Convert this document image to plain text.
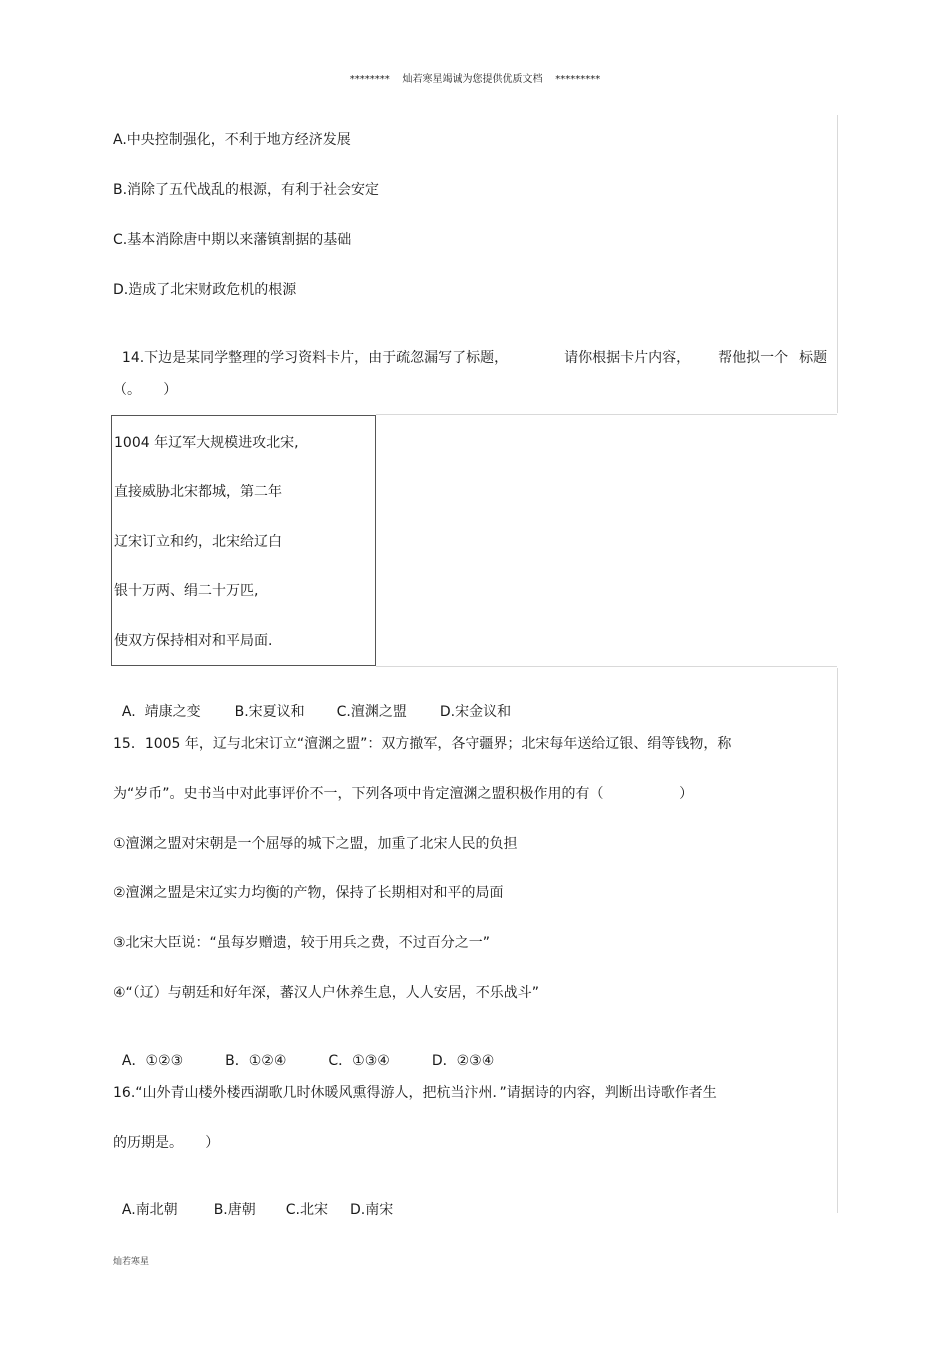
********    灿若寒星竭诚为您提供优质文档    *********
A.中央控制强化，不利于地方经济发展
B.消除了五代战乱的根源，有利于社会安定
C.基本消除唐中期以来藩镇割据的基础
D.造成了北宋财政危机的根源

14.下边是某同学整理的学习资料卡片，由于疏忽漏写了标题，	请你根据卡片内容， 帮他拟一个 标题

（。     ）
1004 年辽军大规模进攻北宋,
直接威胁北宋都城，第二年
辽宋订立和约，北宋给辽白
银十万两、绢二十万匹,
使双方保持相对和平局面.

A.  靖康之变 B.宋夏议和 C.澶渊之盟 D.宋金议和

15．1005 年，辽与北宋订立“澶渊之盟”：双方撤军，各守疆界；北宋每年送给辽银、绢等钱物，称
为“岁币”。史书当中对此事评价不一，下列各项中肯定澶渊之盟积极作用的有（                 ）
①澶渊之盟对宋朝是一个屈辱的城下之盟，加重了北宋人民的负担
②澶渊之盟是宋辽实力均衡的产物，保持了长期相对和平的局面
③北宋大臣说：“虽每岁赠遗，较于用兵之费，不过百分之一”
④“（辽）与朝廷和好年深，蕃汉人户休养生息，人人安居，不乐战斗”

A．①②③	B．①②④	C．①③④	D．②③④

16.“山外青山楼外楼西湖歌几时休暖风熏得游人，把杭当汴州．”请据诗的内容，判断出诗歌作者生
的历期是。     ）

A.南北朝	B.唐朝 C.北宋 D.南宋

灿若寒星
